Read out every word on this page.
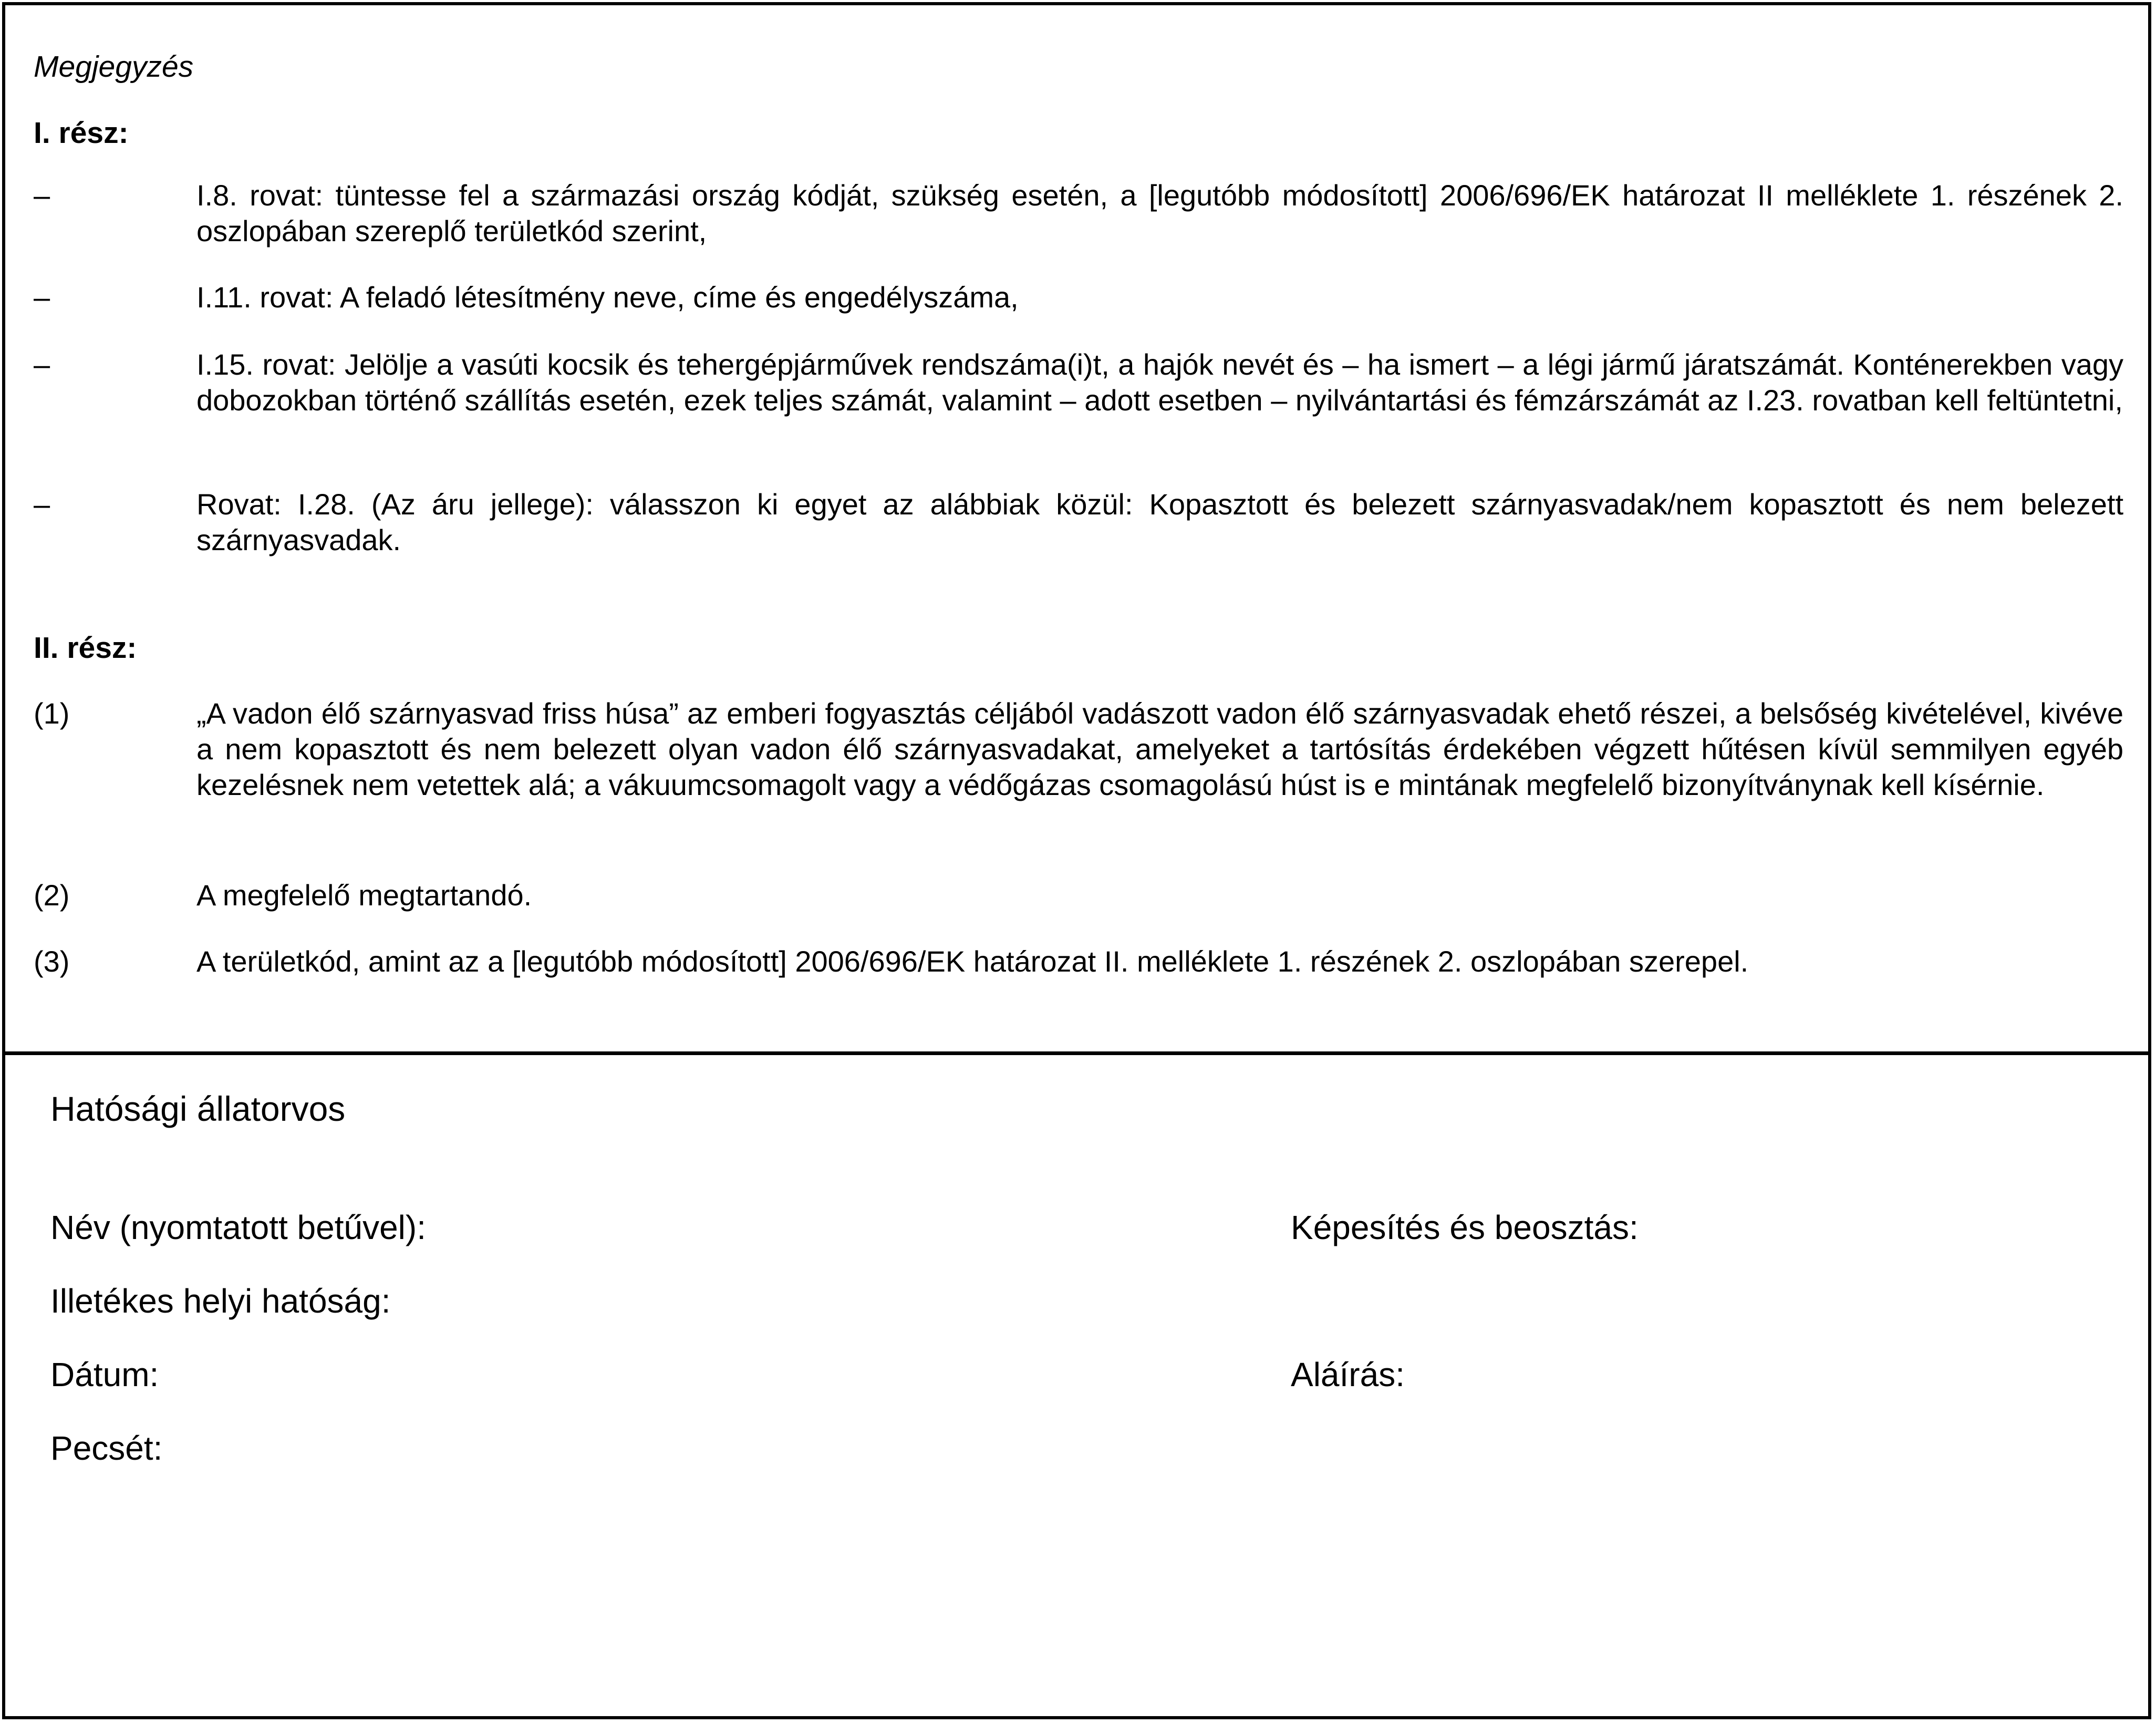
Megjegyzés
I. rész:
–	I.8. rovat: tüntesse fel a származási ország kódját, szükség esetén, a [legutóbb módosított] 2006/696/EK határozat II melléklete 1. részének 2. oszlopában szereplő területkód szerint,
–	I.11. rovat: A feladó létesítmény neve, címe és engedélyszáma,
–	I.15. rovat: Jelölje a vasúti kocsik és tehergépjárművek rendszáma(i)t, a hajók nevét és – ha ismert – a légi jármű járatszámát. Konténerekben vagy dobozokban történő szállítás esetén, ezek teljes számát, valamint – adott esetben – nyilvántartási és fémzárszámát az I.23. rovatban kell feltüntetni,
–	Rovat: I.28. (Az áru jellege): válasszon ki egyet az alábbiak közül: Kopasztott és belezett szárnyasvadak/nem kopasztott és nem belezett szárnyasvadak.
II. rész:
(1)	„A vadon élő szárnyasvad friss húsa” az emberi fogyasztás céljából vadászott vadon élő szárnyasvadak ehető részei, a belsőség kivételével, kivéve a nem kopasztott és nem belezett olyan vadon élő szárnyasvadakat, amelyeket a tartósítás érdekében végzett hűtésen kívül semmilyen egyéb kezelésnek nem vetettek alá; a vákuumcsomagolt vagy a védőgázas csomagolású húst is e mintának megfelelő bizonyítványnak kell kísérnie.
(2)	A megfelelő megtartandó.
(3)	A területkód, amint az a [legutóbb módosított] 2006/696/EK határozat II. melléklete 1. részének 2. oszlopában szerepel.
Hatósági állatorvos
Név (nyomtatott betűvel):	Képesítés és beosztás:
Illetékes helyi hatóság:
Dátum:	Aláírás:
Pecsét:
